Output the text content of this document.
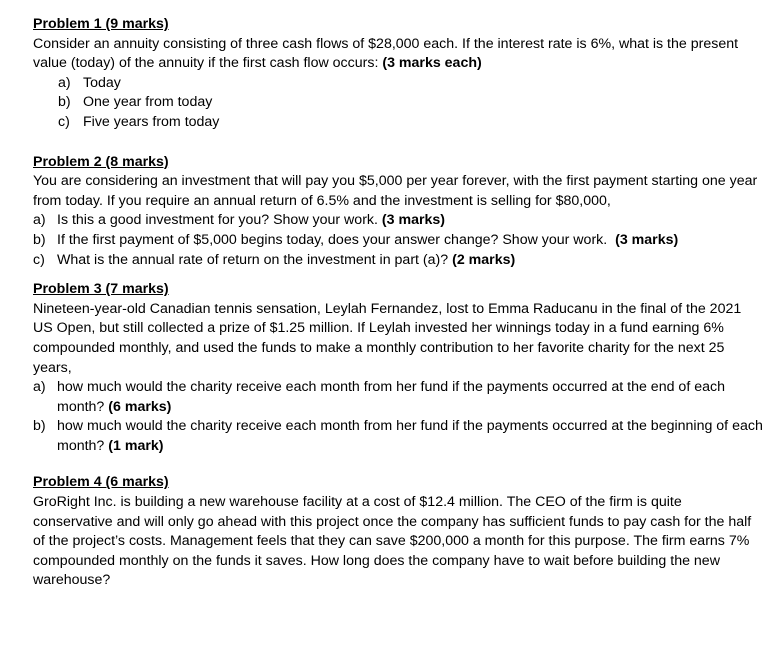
Problem 1 (9 marks)
Consider an annuity consisting of three cash flows of $28,000 each. If the interest rate is 6%, what is the present value (today) of the annuity if the first cash flow occurs: (3 marks each)
a) Today
b) One year from today
c) Five years from today
Problem 2 (8 marks)
You are considering an investment that will pay you $5,000 per year forever, with the first payment starting one year from today. If you require an annual return of 6.5% and the investment is selling for $80,000,
a) Is this a good investment for you? Show your work. (3 marks)
b) If the first payment of $5,000 begins today, does your answer change? Show your work. (3 marks)
c) What is the annual rate of return on the investment in part (a)? (2 marks)
Problem 3 (7 marks)
Nineteen-year-old Canadian tennis sensation, Leylah Fernandez, lost to Emma Raducanu in the final of the 2021 US Open, but still collected a prize of $1.25 million. If Leylah invested her winnings today in a fund earning 6% compounded monthly, and used the funds to make a monthly contribution to her favorite charity for the next 25 years,
a) how much would the charity receive each month from her fund if the payments occurred at the end of each month? (6 marks)
b) how much would the charity receive each month from her fund if the payments occurred at the beginning of each month? (1 mark)
Problem 4 (6 marks)
GroRight Inc. is building a new warehouse facility at a cost of $12.4 million. The CEO of the firm is quite conservative and will only go ahead with this project once the company has sufficient funds to pay cash for the half of the project’s costs. Management feels that they can save $200,000 a month for this purpose. The firm earns 7% compounded monthly on the funds it saves. How long does the company have to wait before building the new warehouse?
